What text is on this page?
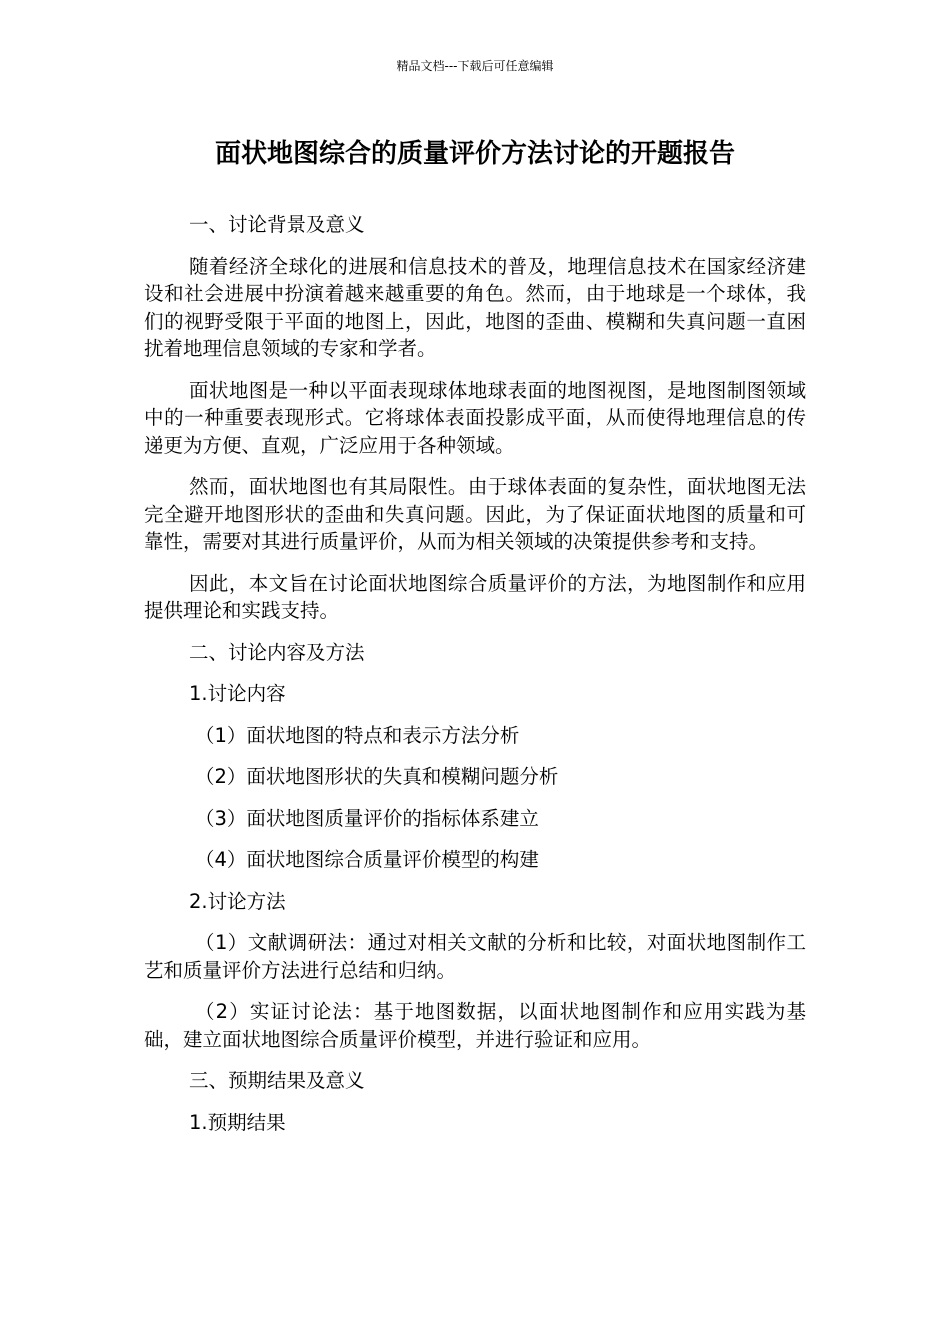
精品文档---下载后可任意编辑
面状地图综合的质量评价方法讨论的开题报告

一、讨论背景及意义

随着经济全球化的进展和信息技术的普及，地理信息技术在国家经济建设和社会进展中扮演着越来越重要的角色。然而，由于地球是一个球体，我们的视野受限于平面的地图上，因此，地图的歪曲、模糊和失真问题一直困扰着地理信息领域的专家和学者。

面状地图是一种以平面表现球体地球表面的地图视图，是地图制图领域中的一种重要表现形式。它将球体表面投影成平面，从而使得地理信息的传递更为方便、直观，广泛应用于各种领域。

然而，面状地图也有其局限性。由于球体表面的复杂性，面状地图无法完全避开地图形状的歪曲和失真问题。因此，为了保证面状地图的质量和可靠性，需要对其进行质量评价，从而为相关领域的决策提供参考和支持。

因此，本文旨在讨论面状地图综合质量评价的方法，为地图制作和应用提供理论和实践支持。

二、讨论内容及方法

1.讨论内容

（1）面状地图的特点和表示方法分析

（2）面状地图形状的失真和模糊问题分析

（3）面状地图质量评价的指标体系建立

（4）面状地图综合质量评价模型的构建

2.讨论方法

（1）文献调研法：通过对相关文献的分析和比较，对面状地图制作工艺和质量评价方法进行总结和归纳。

（2）实证讨论法：基于地图数据，以面状地图制作和应用实践为基础，建立面状地图综合质量评价模型，并进行验证和应用。

三、预期结果及意义

1.预期结果
